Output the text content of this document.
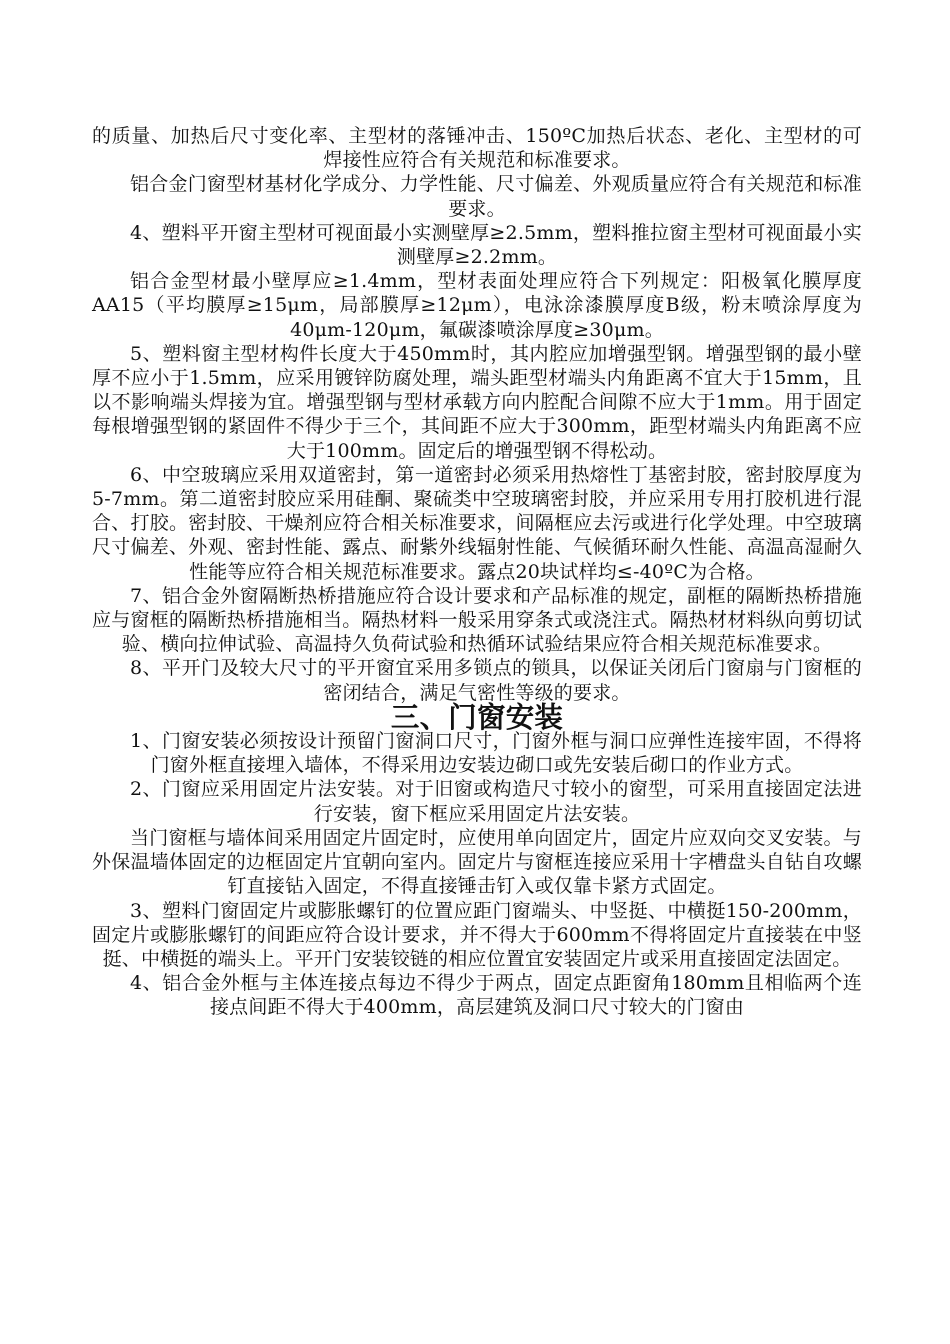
的质量、加热后尺寸变化率、主型材的落锤冲击、150ºC加热后状态、老化、主型材的可焊接性应符合有关规范和标准要求。

铝合金门窗型材基材化学成分、力学性能、尺寸偏差、外观质量应符合有关规范和标准要求。

4、塑料平开窗主型材可视面最小实测壁厚≥2.5mm，塑料推拉窗主型材可视面最小实测壁厚≥2.2mm。

铝合金型材最小壁厚应≥1.4mm，型材表面处理应符合下列规定：阳极氧化膜厚度AA15（平均膜厚≥15μm，局部膜厚≥12μm），电泳涂漆膜厚度B级，粉末喷涂厚度为40μm-120μm，氟碳漆喷涂厚度≥30μm。

5、塑料窗主型材构件长度大于450mm时，其内腔应加增强型钢。增强型钢的最小壁厚不应小于1.5mm，应采用镀锌防腐处理，端头距型材端头内角距离不宜大于15mm，且以不影响端头焊接为宜。增强型钢与型材承载方向内腔配合间隙不应大于1mm。用于固定每根增强型钢的紧固件不得少于三个，其间距不应大于300mm，距型材端头内角距离不应大于100mm。固定后的增强型钢不得松动。

6、中空玻璃应采用双道密封，第一道密封必须采用热熔性丁基密封胶，密封胶厚度为5-7mm。第二道密封胶应采用硅酮、聚硫类中空玻璃密封胶，并应采用专用打胶机进行混合、打胶。密封胶、干燥剂应符合相关标准要求，间隔框应去污或进行化学处理。中空玻璃尺寸偏差、外观、密封性能、露点、耐紫外线辐射性能、气候循环耐久性能、高温高湿耐久性能等应符合相关规范标准要求。露点20块试样均≤-40ºC为合格。

7、铝合金外窗隔断热桥措施应符合设计要求和产品标准的规定，副框的隔断热桥措施应与窗框的隔断热桥措施相当。隔热材料一般采用穿条式或浇注式。隔热材材料纵向剪切试验、横向拉伸试验、高温持久负荷试验和热循环试验结果应符合相关规范标准要求。

8、平开门及较大尺寸的平开窗宜采用多锁点的锁具，以保证关闭后门窗扇与门窗框的密闭结合，满足气密性等级的要求。

三、门窗安装

1、门窗安装必须按设计预留门窗洞口尺寸，门窗外框与洞口应弹性连接牢固，不得将门窗外框直接埋入墙体，不得采用边安装边砌口或先安装后砌口的作业方式。

2、门窗应采用固定片法安装。对于旧窗或构造尺寸较小的窗型，可采用直接固定法进行安装，窗下框应采用固定片法安装。

当门窗框与墙体间采用固定片固定时，应使用单向固定片，固定片应双向交叉安装。与外保温墙体固定的边框固定片宜朝向室内。固定片与窗框连接应采用十字槽盘头自钻自攻螺钉直接钻入固定，不得直接锤击钉入或仅靠卡紧方式固定。

3、塑料门窗固定片或膨胀螺钉的位置应距门窗端头、中竖挺、中横挺150-200mm，固定片或膨胀螺钉的间距应符合设计要求，并不得大于600mm不得将固定片直接装在中竖挺、中横挺的端头上。平开门安装铰链的相应位置宜安装固定片或采用直接固定法固定。

4、铝合金外框与主体连接点每边不得少于两点，固定点距窗角180mm且相临两个连接点间距不得大于400mm，高层建筑及洞口尺寸较大的门窗由
